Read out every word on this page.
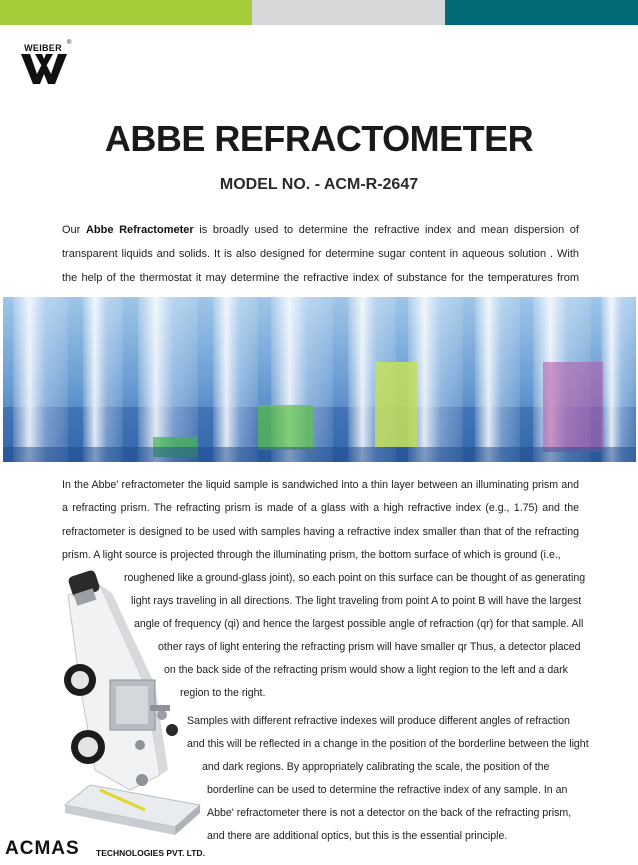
WEIBER ®
ABBE REFRACTOMETER
MODEL NO. - ACM-R-2647
Our Abbe Refractometer is broadly used to determine the refractive index and mean dispersion of transparent liquids and solids. It is also designed for determine sugar content in aqueous solution . With the help of the thermostat it may determine the refractive index of substance for the temperatures from
In the Abbe' refractometer the liquid sample is sandwiched into a thin layer between an illuminating prism and a refracting prism. The refracting prism is made of a glass with a high refractive index (e.g., 1.75) and the refractometer is designed to be used with samples having a refractive index smaller than that of the refracting prism. A light source is projected through the illuminating prism, the bottom surface of which is ground (i.e.,
roughened like a ground-glass joint), so each point on this surface can be thought of as generating
light rays traveling in all directions. The light traveling from point A to point B will have the largest
angle of frequency (qi) and hence the largest possible angle of refraction (qr) for that sample. All
other rays of light entering the refracting prism will have smaller qr Thus, a detector placed
on the back side of the refracting prism would show a light region to the left and a dark
region to the right.
Samples with different refractive indexes will produce different angles of refraction
and this will be reflected in a change in the position of the borderline between the light
and dark regions. By appropriately calibrating the scale, the position of the
borderline can be used to determine the refractive index of any sample. In an
Abbe' refractometer there is not a detector on the back of the refracting prism,
and there are additional optics, but this is the essential principle.
ACMAS TECHNOLOGIES PVT. LTD.
